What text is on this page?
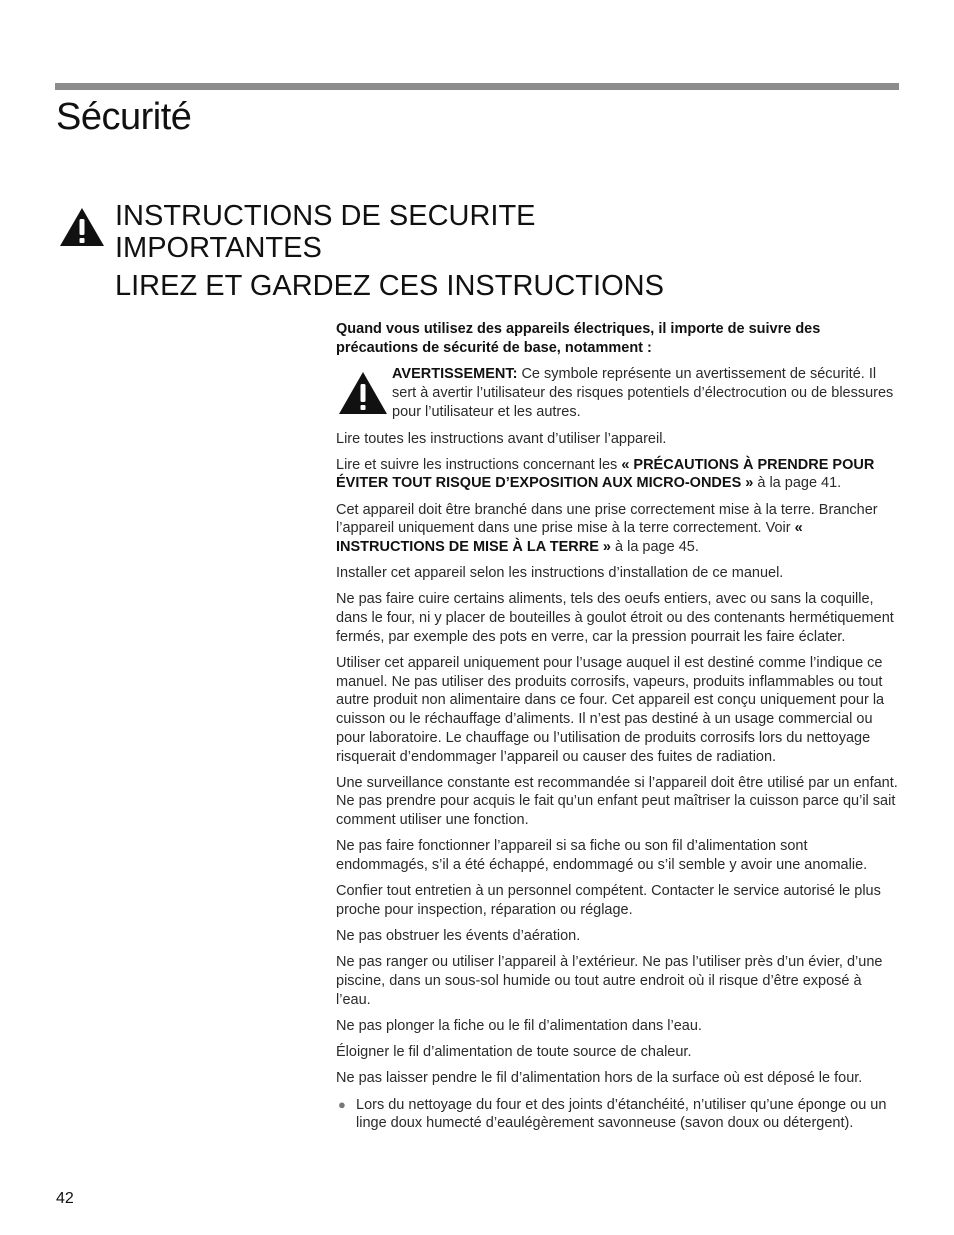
Sécurité
INSTRUCTIONS DE SECURITE IMPORTANTES
LIREZ ET GARDEZ CES INSTRUCTIONS

Quand vous utilisez des appareils électriques, il importe de suivre des précautions de sécurité de base, notamment :

AVERTISSEMENT: Ce symbole représente un avertissement de sécurité. Il sert à avertir l’utilisateur des risques potentiels d’électrocution ou de blessures pour l’utilisateur et les autres.

Lire toutes les instructions avant d’utiliser l’appareil.

Lire et suivre les instructions concernant les « PRÉCAUTIONS À PRENDRE POUR ÉVITER TOUT RISQUE D’EXPOSITION AUX MICRO-ONDES » à la page 41.

Cet appareil doit être branché dans une prise correctement mise à la terre. Brancher l’appareil uniquement dans une prise mise à la terre correctement. Voir « INSTRUCTIONS DE MISE À LA TERRE » à la page 45.

Installer cet appareil selon les instructions d’installation de ce manuel.

Ne pas faire cuire certains aliments, tels des oeufs entiers, avec ou sans la coquille, dans le four, ni y placer de bouteilles à goulot étroit ou des contenants hermétiquement fermés, par exemple des pots en verre, car la pression pourrait les faire éclater.

Utiliser cet appareil uniquement pour l’usage auquel il est destiné comme l’indique ce manuel. Ne pas utiliser des produits corrosifs, vapeurs, produits inflammables ou tout autre produit non alimentaire dans ce four. Cet appareil est conçu uniquement pour la cuisson ou le réchauffage d’aliments. Il n’est pas destiné à un usage commercial ou pour laboratoire. Le chauffage ou l’utilisation de produits corrosifs lors du nettoyage risquerait d’endommager l’appareil ou causer des fuites de radiation.

Une surveillance constante est recommandée si l’appareil doit être utilisé par un enfant. Ne pas prendre pour acquis le fait qu’un enfant peut maîtriser la cuisson parce qu’il sait comment utiliser une fonction.

Ne pas faire fonctionner l’appareil si sa fiche ou son fil d’alimentation sont endommagés, s’il a été échappé, endommagé ou s’il semble y avoir une anomalie.

Confier tout entretien à un personnel compétent. Contacter le service autorisé le plus proche pour inspection, réparation ou réglage.

Ne pas obstruer les évents d’aération.

Ne pas ranger ou utiliser l’appareil à l’extérieur. Ne pas l’utiliser près d’un évier, d’une piscine, dans un sous-sol humide ou tout autre endroit où il risque d’être exposé à l’eau.

Ne pas plonger la fiche ou le fil d’alimentation dans l’eau.

Éloigner le fil d’alimentation de toute source de chaleur.

Ne pas laisser pendre le fil d’alimentation hors de la surface où est déposé le four.

● Lors du nettoyage du four et des joints d’étanchéité, n’utiliser qu’une éponge ou un linge doux humecté d’eaulégèrement savonneuse (savon doux ou détergent).

42
